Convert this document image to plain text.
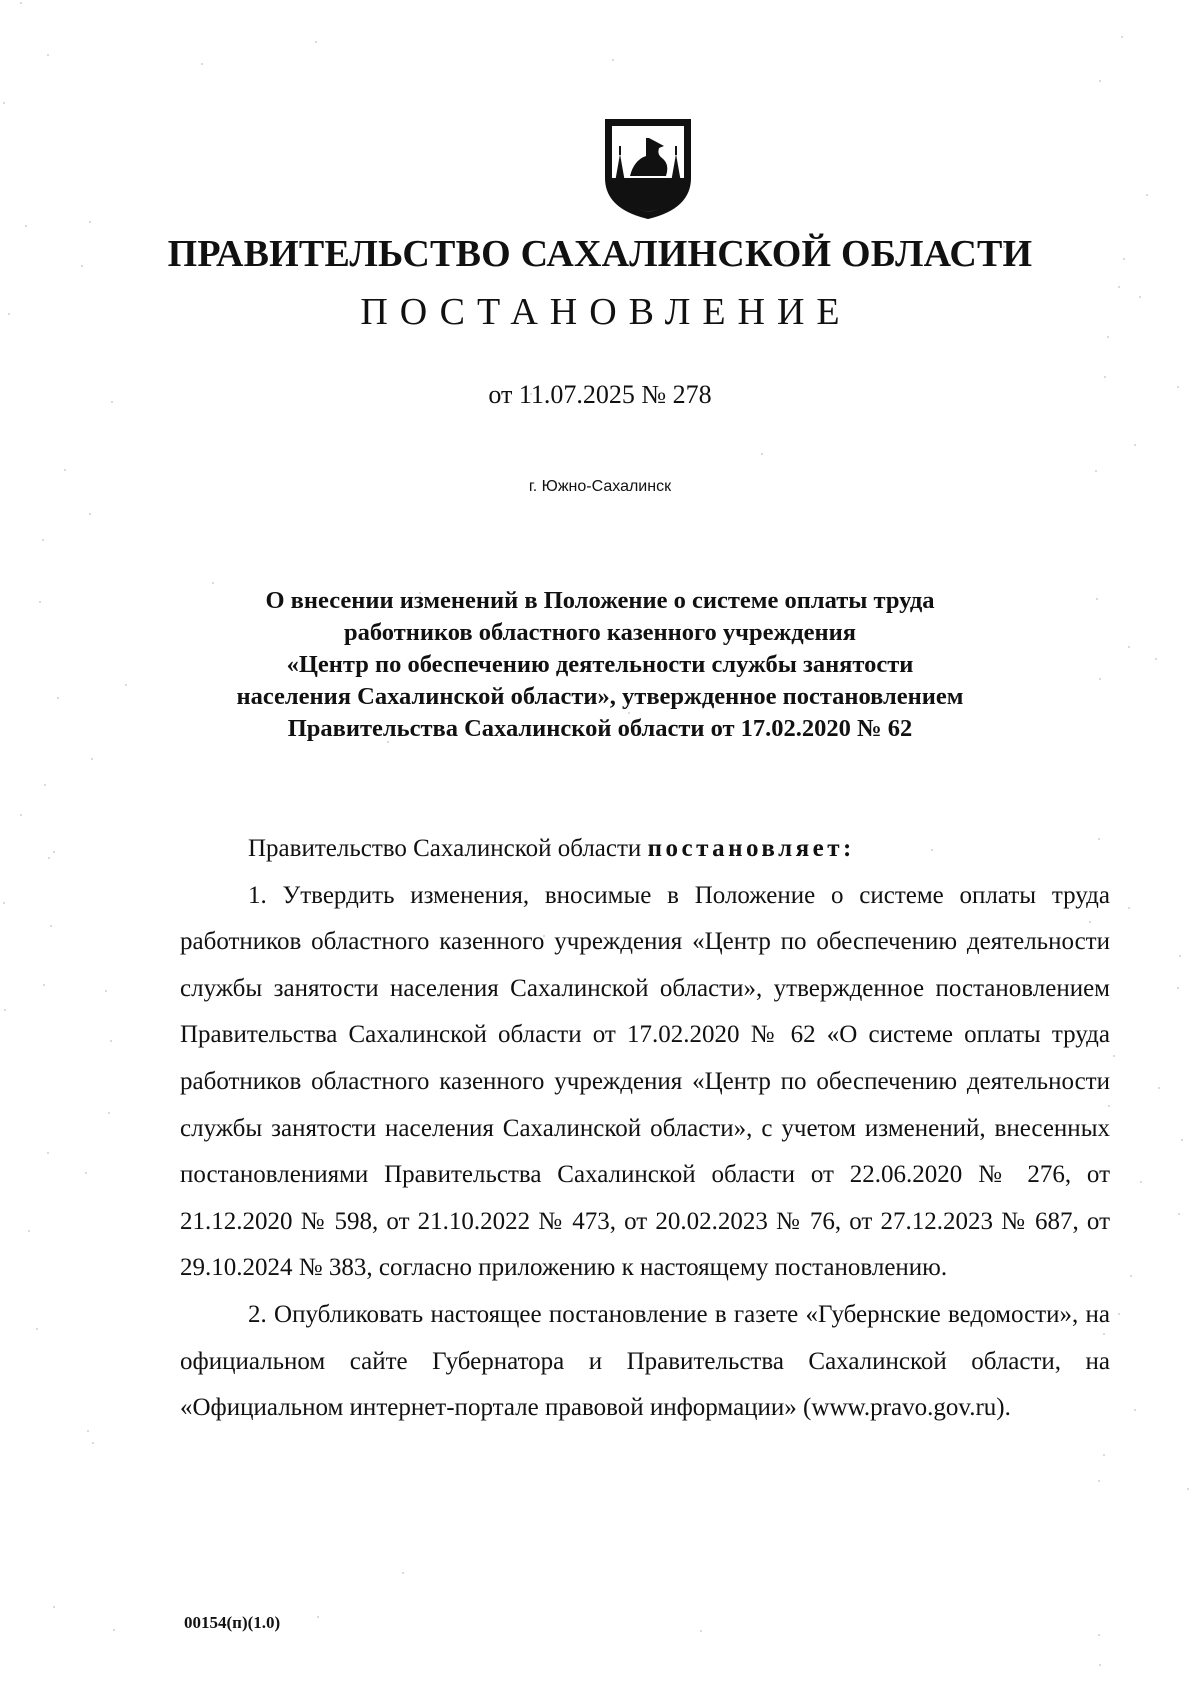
ПРАВИТЕЛЬСТВО САХАЛИНСКОЙ ОБЛАСТИ
ПОСТАНОВЛЕНИЕ
от 11.07.2025 № 278
г. Южно-Сахалинск
О внесении изменений в Положение о системе оплаты труда
работников областного казенного учреждения
«Центр по обеспечению деятельности службы занятости
населения Сахалинской области», утвержденное постановлением
Правительства Сахалинской области от 17.02.2020 № 62
Правительство Сахалинской области постановляет:

1. Утвердить изменения, вносимые в Положение о системе оплаты труда работников областного казенного учреждения «Центр по обеспечению деятельности службы занятости населения Сахалинской области», утвержденное постановлением Правительства Сахалинской области от 17.02.2020 № 62 «О системе оплаты труда работников областного казенного учреждения «Центр по обеспечению деятельности службы занятости населения Сахалинской области», с учетом изменений, внесенных постановлениями Правительства Сахалинской области от 22.06.2020 № 276, от 21.12.2020 № 598, от 21.10.2022 № 473, от 20.02.2023 № 76, от 27.12.2023 № 687, от 29.10.2024 № 383, согласно приложению к настоящему постановлению.

2. Опубликовать настоящее постановление в газете «Губернские ведомости», на официальном сайте Губернатора и Правительства Сахалинской области, на «Официальном интернет-портале правовой информации» (www.pravo.gov.ru).

00154(п)(1.0)
